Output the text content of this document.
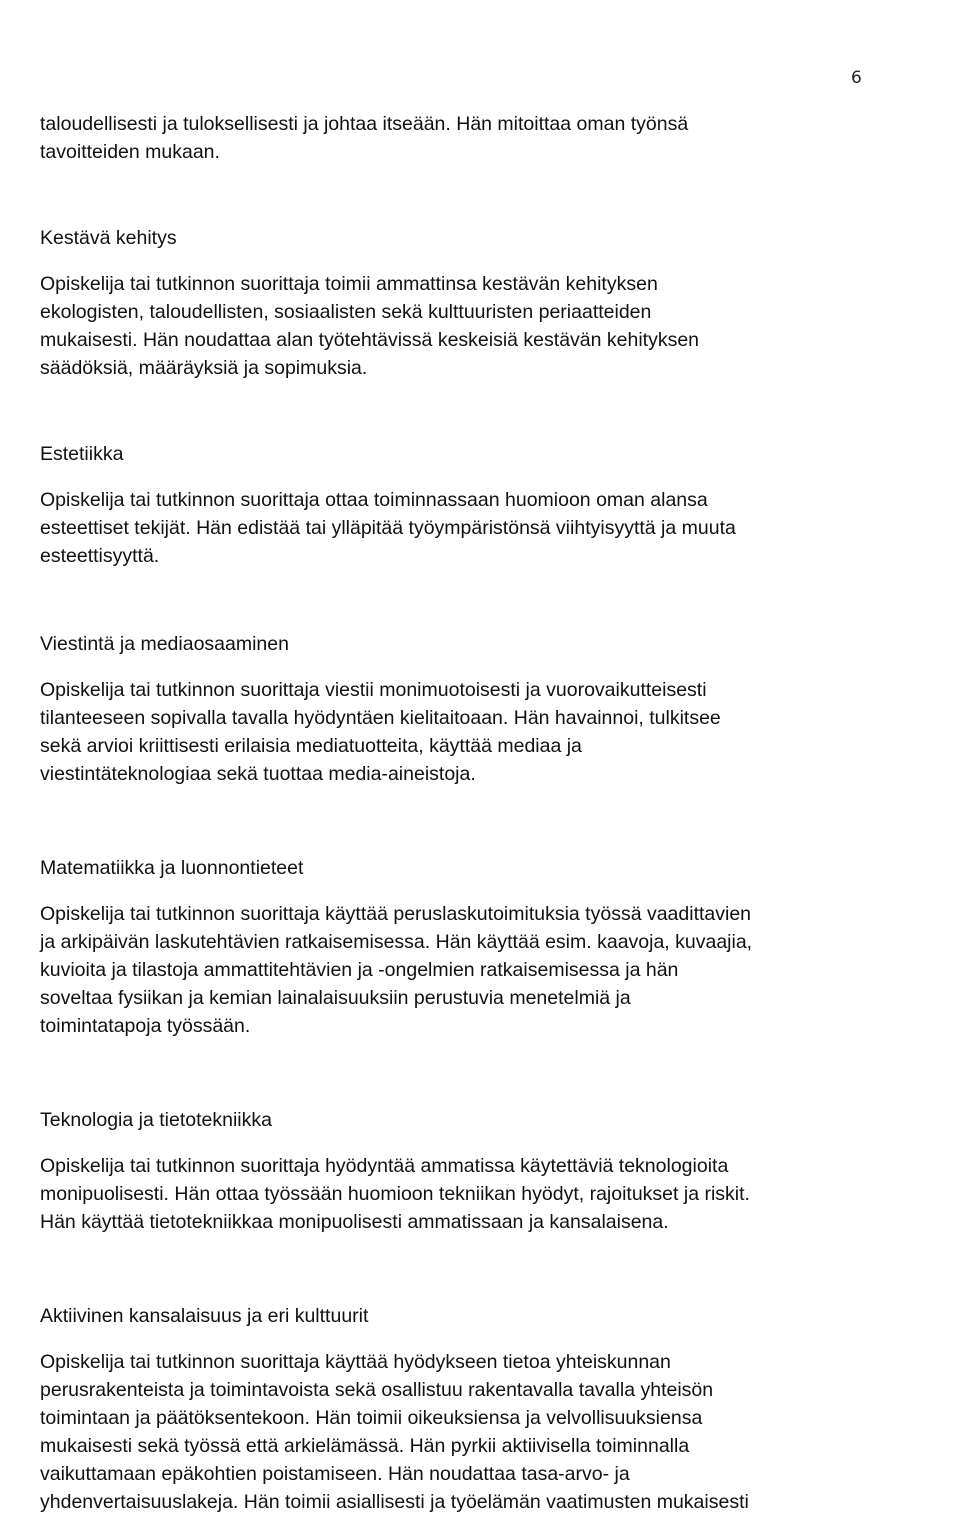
6

taloudellisesti ja tuloksellisesti ja johtaa itseään. Hän mitoittaa oman työnsä

tavoitteiden mukaan.

Kestävä kehitys

Opiskelija tai tutkinnon suorittaja toimii ammattinsa kestävän kehityksen

ekologisten, taloudellisten, sosiaalisten sekä kulttuuristen periaatteiden

mukaisesti. Hän noudattaa alan työtehtävissä keskeisiä kestävän kehityksen

säädöksiä, määräyksiä ja sopimuksia.

Estetiikka

Opiskelija tai tutkinnon suorittaja ottaa toiminnassaan huomioon oman alansa

esteettiset tekijät. Hän edistää tai ylläpitää työympäristönsä viihtyisyyttä ja muuta

esteettisyyttä.

Viestintä ja mediaosaaminen

Opiskelija tai tutkinnon suorittaja viestii monimuotoisesti ja vuorovaikutteisesti

tilanteeseen sopivalla tavalla hyödyntäen kielitaitoaan. Hän havainnoi, tulkitsee

sekä arvioi kriittisesti erilaisia mediatuotteita, käyttää mediaa ja

viestintäteknologiaa sekä tuottaa media-aineistoja.

Matematiikka ja luonnontieteet

Opiskelija tai tutkinnon suorittaja käyttää peruslaskutoimituksia työssä vaadittavien

ja arkipäivän laskutehtävien ratkaisemisessa. Hän käyttää esim. kaavoja, kuvaajia,

kuvioita ja tilastoja ammattitehtävien ja -ongelmien ratkaisemisessa ja hän

soveltaa fysiikan ja kemian lainalaisuuksiin perustuvia menetelmiä ja

toimintatapoja työssään.

Teknologia ja tietotekniikka

Opiskelija tai tutkinnon suorittaja hyödyntää ammatissa käytettäviä teknologioita

monipuolisesti. Hän ottaa työssään huomioon tekniikan hyödyt, rajoitukset ja riskit.

Hän käyttää tietotekniikkaa monipuolisesti ammatissaan ja kansalaisena.

Aktiivinen kansalaisuus ja eri kulttuurit

Opiskelija tai tutkinnon suorittaja käyttää hyödykseen tietoa yhteiskunnan

perusrakenteista ja toimintavoista sekä osallistuu rakentavalla tavalla yhteisön

toimintaan ja päätöksentekoon. Hän toimii oikeuksiensa ja velvollisuuksiensa

mukaisesti sekä työssä että arkielämässä. Hän pyrkii aktiivisella toiminnalla

vaikuttamaan epäkohtien poistamiseen. Hän noudattaa tasa-arvo- ja

yhdenvertaisuuslakeja. Hän toimii asiallisesti ja työelämän vaatimusten mukaisesti
